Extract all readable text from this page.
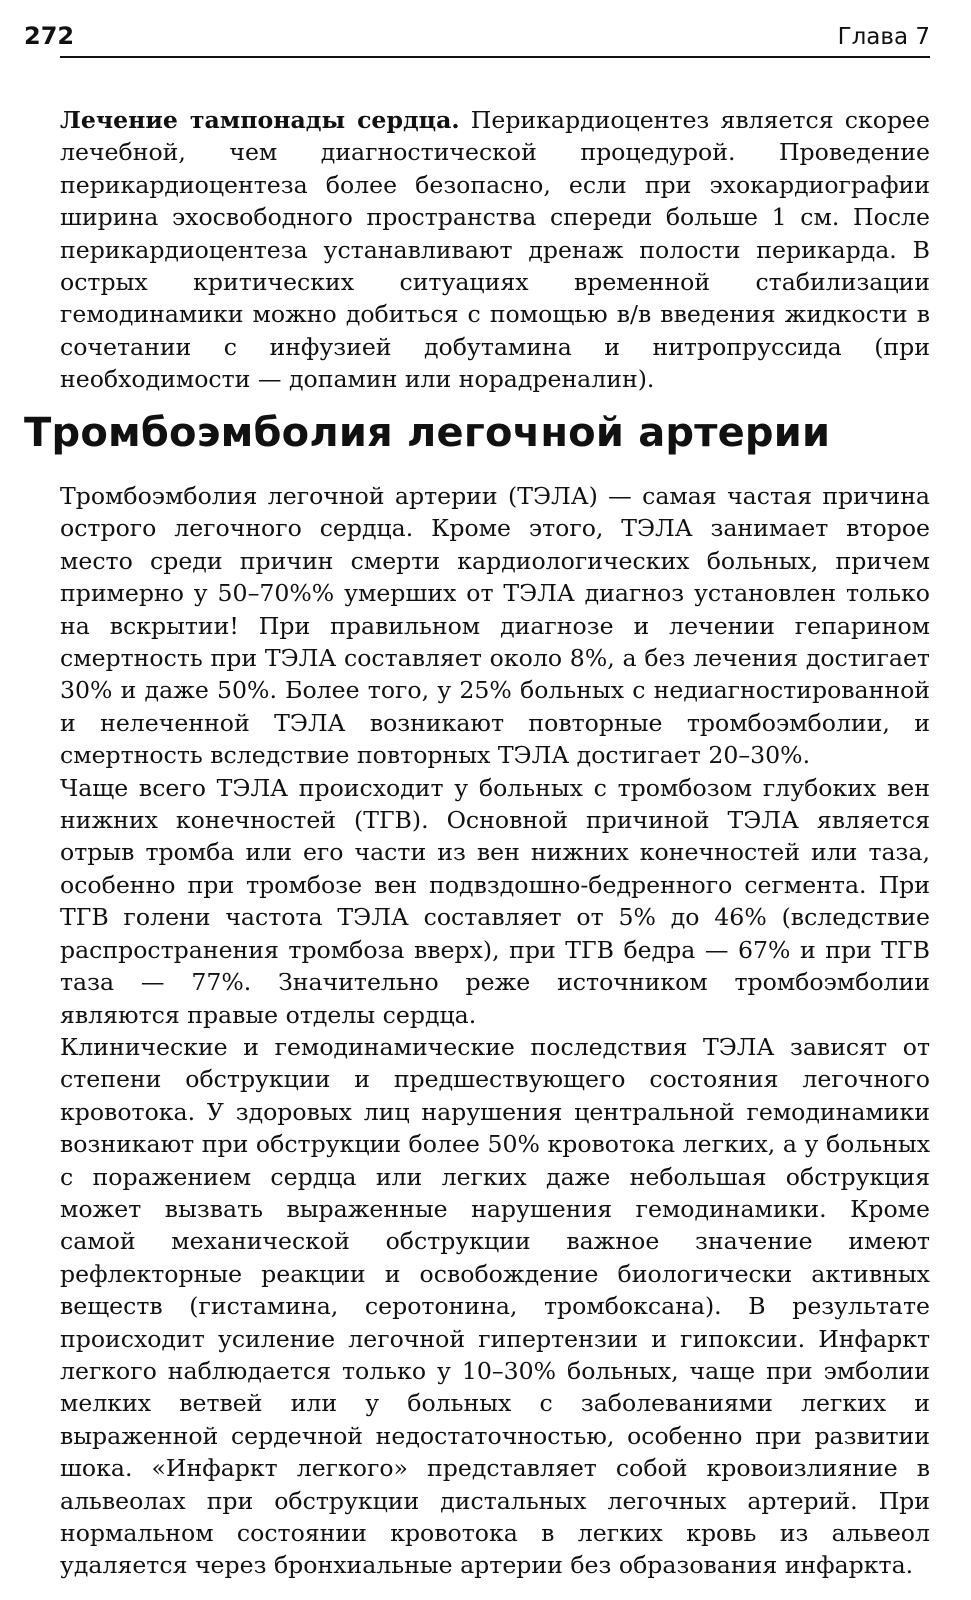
272	Глава 7

Лечение тампонады сердца. Перикардиоцентез является скорее лечебной, чем диагностической процедурой. Проведение перикардиоцентеза более безопасно, если при эхокардиографии ширина эхосвободного пространства спереди больше 1 см. После перикардиоцентеза устанавливают дренаж полости перикарда. В острых критических ситуациях временной стабилизации гемодинамики можно добиться с помощью в/в введения жидкости в сочетании с инфузией добутамина и нитропруссида (при необходимости — допамин или норадреналин).

Тромбоэмболия легочной артерии

Тромбоэмболия легочной артерии (ТЭЛА) — самая частая причина острого легочного сердца. Кроме этого, ТЭЛА занимает второе место среди причин смерти кардиологических больных, причем примерно у 50–70%% умерших от ТЭЛА диагноз установлен только на вскрытии! При правильном диагнозе и лечении гепарином смертность при ТЭЛА составляет около 8%, а без лечения достигает 30% и даже 50%. Более того, у 25% больных с недиагностированной и нелеченной ТЭЛА возникают повторные тромбоэмболии, и смертность вследствие повторных ТЭЛА достигает 20–30%.

Чаще всего ТЭЛА происходит у больных с тромбозом глубоких вен нижних конечностей (ТГВ). Основной причиной ТЭЛА является отрыв тромба или его части из вен нижних конечностей или таза, особенно при тромбозе вен подвздошно-бедренного сегмента. При ТГВ голени частота ТЭЛА составляет от 5% до 46% (вследствие распространения тромбоза вверх), при ТГВ бедра — 67% и при ТГВ таза — 77%. Значительно реже источником тромбоэмболии являются правые отделы сердца.

Клинические и гемодинамические последствия ТЭЛА зависят от степени обструкции и предшествующего состояния легочного кровотока. У здоровых лиц нарушения центральной гемодинамики возникают при обструкции более 50% кровотока легких, а у больных с поражением сердца или легких даже небольшая обструкция может вызвать выраженные нарушения гемодинамики. Кроме самой механической обструкции важное значение имеют рефлекторные реакции и освобождение биологически активных веществ (гистамина, серотонина, тромбоксана). В результате происходит усиление легочной гипертензии и гипоксии. Инфаркт легкого наблюдается только у 10–30% больных, чаще при эмболии мелких ветвей или у больных с заболеваниями легких и выраженной сердечной недостаточностью, особенно при развитии шока. «Инфаркт легкого» представляет собой кровоизлияние в альвеолах при обструкции дистальных легочных артерий. При нормальном состоянии кровотока в легких кровь из альвеол удаляется через бронхиальные артерии без образования инфаркта.
